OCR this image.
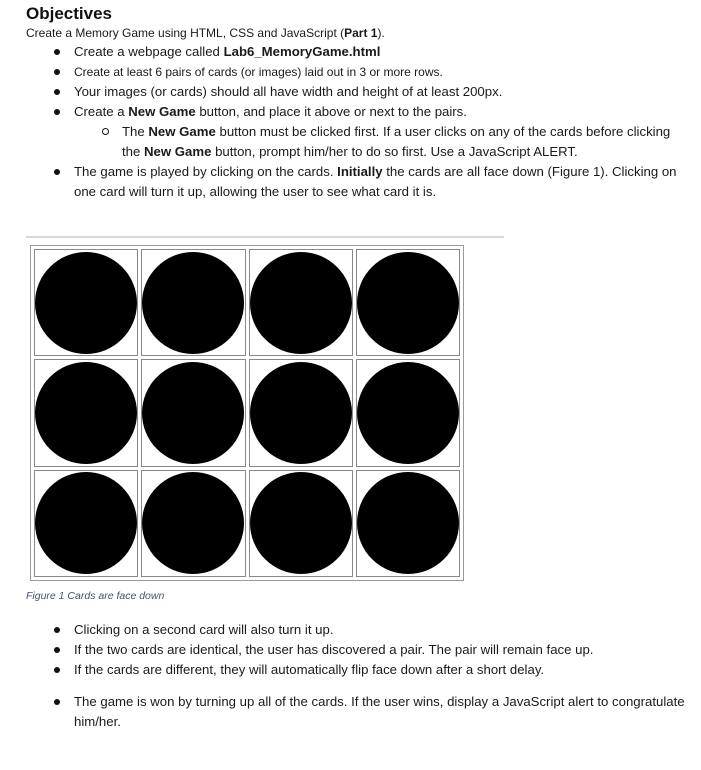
Objectives

Create a Memory Game using HTML, CSS and JavaScript (Part 1).

Create a webpage called Lab6_MemoryGame.html
Create at least 6 pairs of cards (or images) laid out in 3 or more rows.
Your images (or cards) should all have width and height of at least 200px.
Create a New Game button, and place it above or next to the pairs.
The New Game button must be clicked first. If a user clicks on any of the cards before clicking the New Game button, prompt him/her to do so first. Use a JavaScript ALERT.
The game is played by clicking on the cards. Initially the cards are all face down (Figure 1). Clicking on one card will turn it up, allowing the user to see what card it is.
Figure 1 Cards are face down
Clicking on a second card will also turn it up.
If the two cards are identical, the user has discovered a pair. The pair will remain face up.
If the cards are different, they will automatically flip face down after a short delay.
The game is won by turning up all of the cards. If the user wins, display a JavaScript alert to congratulate him/her.
